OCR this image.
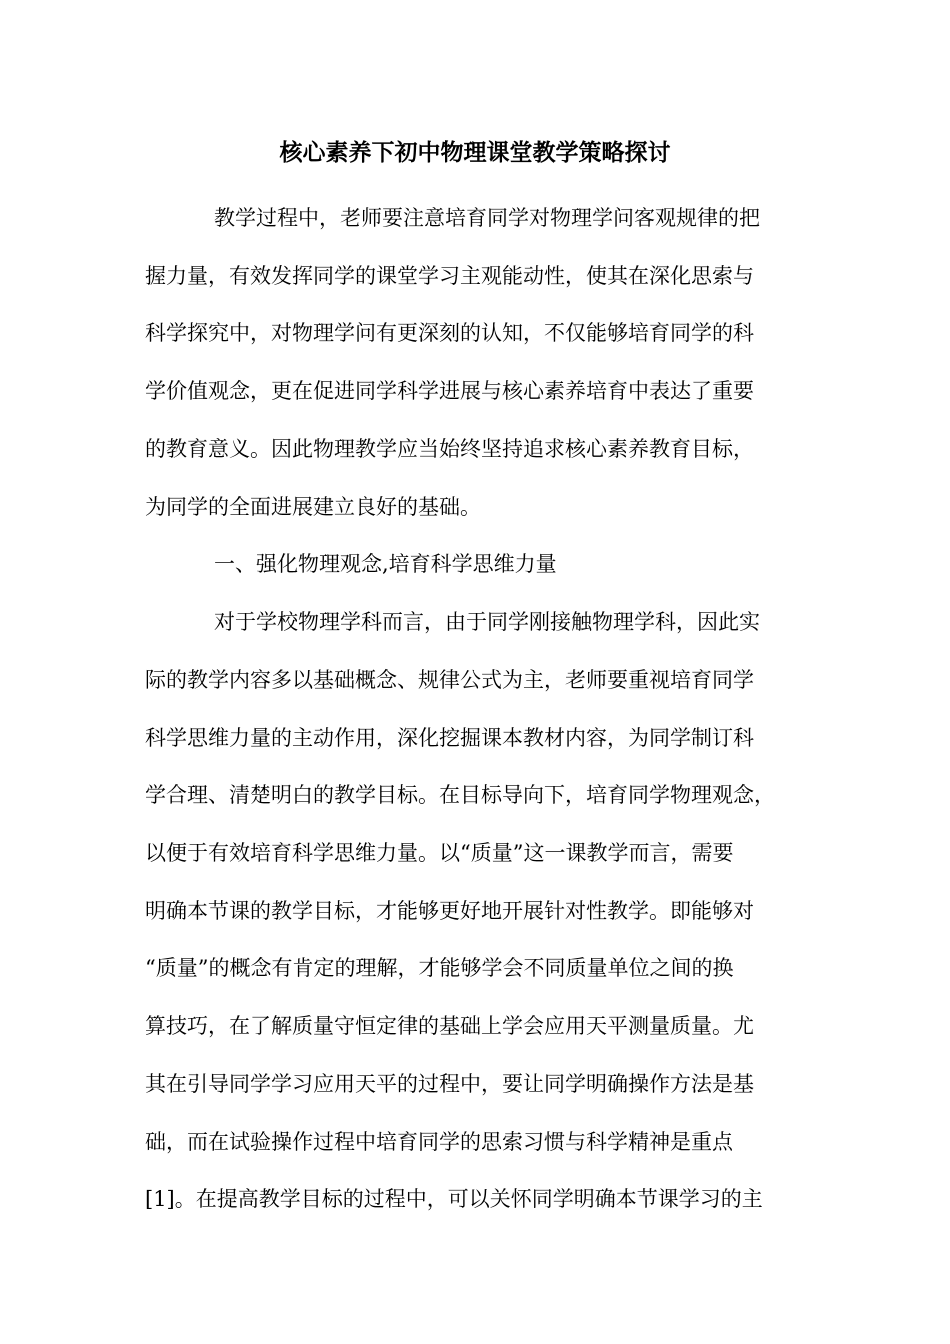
核心素养下初中物理课堂教学策略探讨

教学过程中，老师要注意培育同学对物理学问客观规律的把

握力量，有效发挥同学的课堂学习主观能动性，使其在深化思索与

科学探究中，对物理学问有更深刻的认知，不仅能够培育同学的科

学价值观念，更在促进同学科学进展与核心素养培育中表达了重要

的教育意义。因此物理教学应当始终坚持追求核心素养教育目标，

为同学的全面进展建立良好的基础。

一、强化物理观念,培育科学思维力量

对于学校物理学科而言，由于同学刚接触物理学科，因此实

际的教学内容多以基础概念、规律公式为主，老师要重视培育同学

科学思维力量的主动作用，深化挖掘课本教材内容，为同学制订科

学合理、清楚明白的教学目标。在目标导向下，培育同学物理观念，

以便于有效培育科学思维力量。以“质量”这一课教学而言，需要

明确本节课的教学目标，才能够更好地开展针对性教学。即能够对

“质量”的概念有肯定的理解，才能够学会不同质量单位之间的换

算技巧，在了解质量守恒定律的基础上学会应用天平测量质量。尤

其在引导同学学习应用天平的过程中，要让同学明确操作方法是基

础，而在试验操作过程中培育同学的思索习惯与科学精神是重点

[1]。在提高教学目标的过程中，可以关怀同学明确本节课学习的主
